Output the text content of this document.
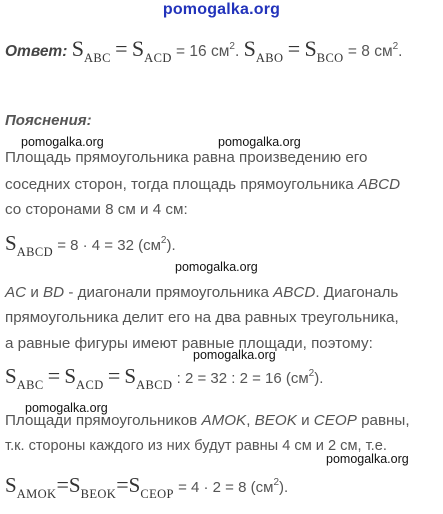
pomogalka.org
Ответ: $S_{ABC} = S_{ACD} = 16$ $см^2$. $S_{ABO} = S_{BCO} = 8$ $см^2$.
Пояснения:
pomogalka.org	pomogalka.org
Площадь прямоугольника равна произведению его
соседних сторон, тогда площадь прямоугольника ABCD
со сторонами 8 см и 4 см:
$S_{ABCD} = 8 \cdot 4 = 32$ $(см^2)$.
pomogalka.org
AC и BD - диагонали прямоугольника ABCD. Диагональ
прямоугольника делит его на два равных треугольника,
а равные фигуры имеют равные площади, поэтому:
pomogalka.org
$S_{ABC} = S_{ACD} = S_{ABCD}$ : 2 = 32 : 2 = 16 $(см^2)$.
pomogalka.org
Площади прямоугольников AMOK, BEOK и CEOP равны,
т.к. стороны каждого из них будут равны 4 см и 2 см, т.е.
pomogalka.org
$S_{AMOK}=S_{BEOK}=S_{CEOP} = 4 \cdot 2 = 8$ $(см^2)$.
